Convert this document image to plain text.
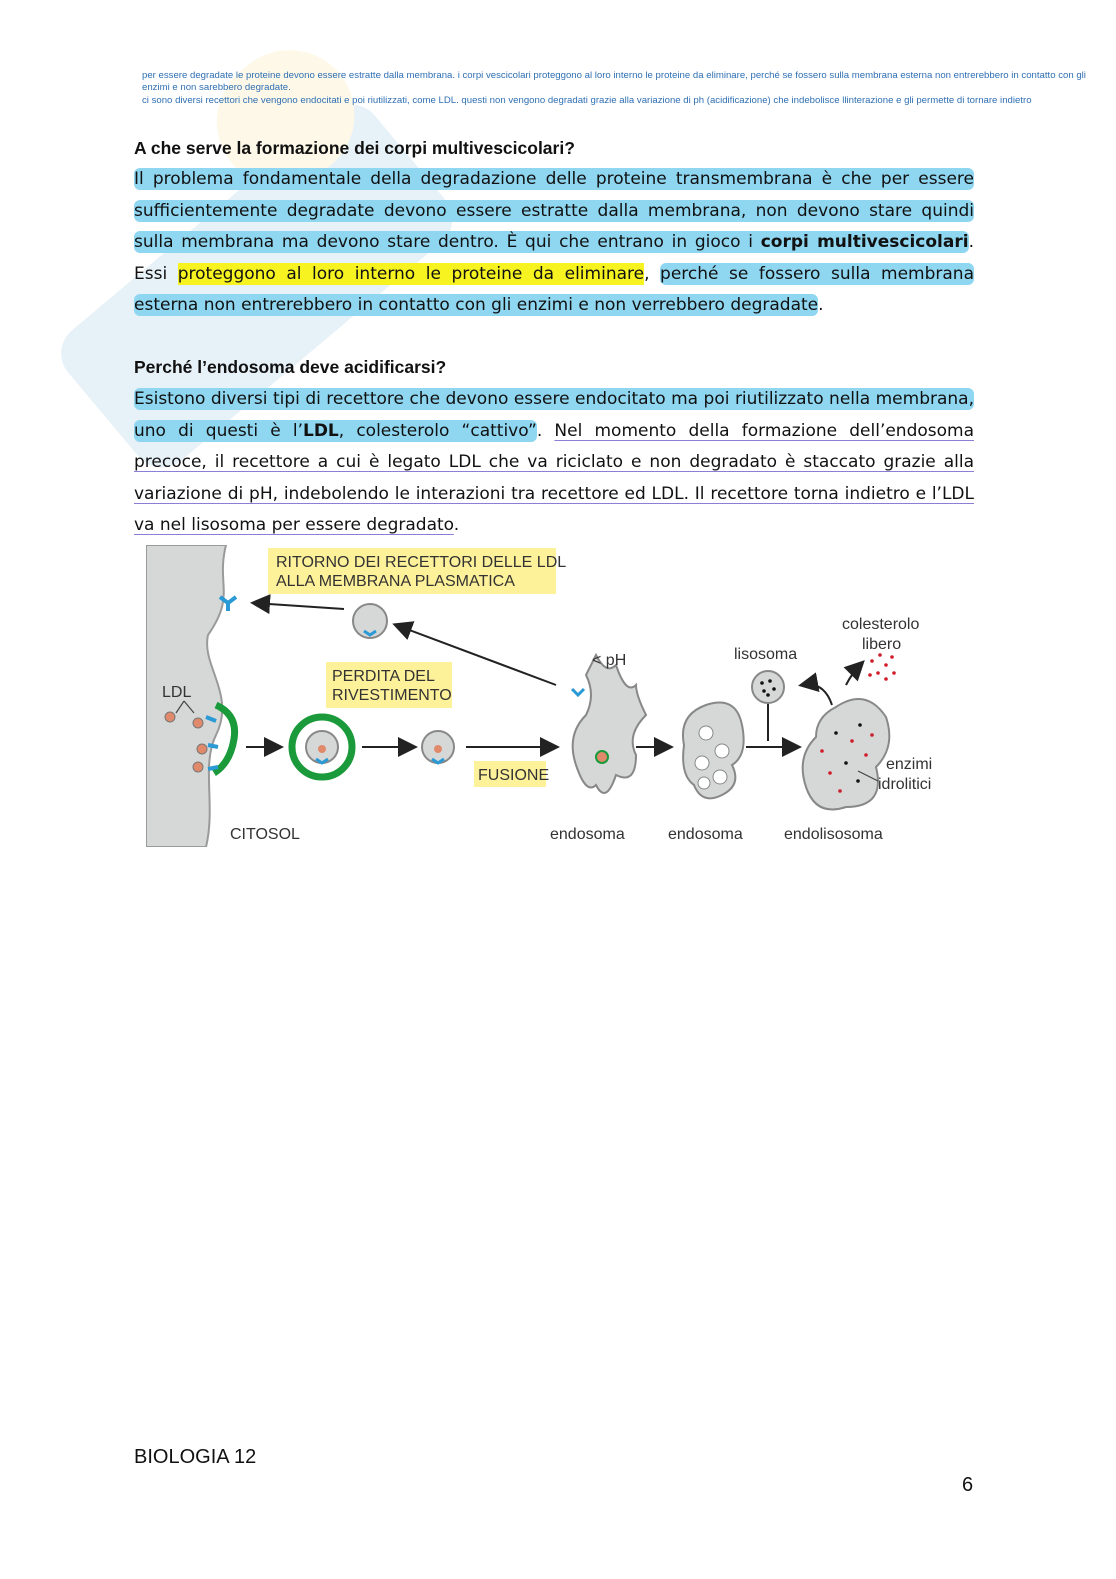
per essere degradate le proteine devono essere estratte dalla membrana. i corpi vescicolari proteggono al loro interno le proteine da eliminare, perché se fossero sulla membrana esterna non entrerebbero in contatto con gli enzimi e non sarebbero degradate.

ci sono diversi recettori che vengono endocitati e poi riutilizzati, come LDL. questi non vengono degradati grazie alla variazione di ph (acidificazione) che indebolisce llinterazione e gli permette di tornare indietro

A che serve la formazione dei corpi multivescicolari?
Il problema fondamentale della degradazione delle proteine transmembrana è che per essere sufficientemente degradate devono essere estratte dalla membrana, non devono stare quindi sulla membrana ma devono stare dentro. È qui che entrano in gioco i corpi multivescicolari. Essi proteggono al loro interno le proteine da eliminare, perché se fossero sulla membrana esterna non entrerebbero in contatto con gli enzimi e non verrebbero degradate.
Perché l’endosoma deve acidificarsi?
Esistono diversi tipi di recettore che devono essere endocitato ma poi riutilizzato nella membrana, uno di questi è l’LDL, colesterolo “cattivo”. Nel momento della formazione dell’endosoma precoce, il recettore a cui è legato LDL che va riciclato e non degradato è staccato grazie alla variazione di pH, indebolendo le interazioni tra recettore ed LDL. Il recettore torna indietro e l’LDL va nel lisosoma per essere degradato.
RITORNO DEI RECETTORI DELLE LDL
ALLA MEMBRANA PLASMATICA
PERDITA DEL
RIVESTIMENTO
FUSIONE
LDL
< pH	lisosoma
enzimi
idrolitici
colesterolo
libero
CITOSOL	endosoma	endosoma	endolisosoma
BIOLOGIA 12
6
